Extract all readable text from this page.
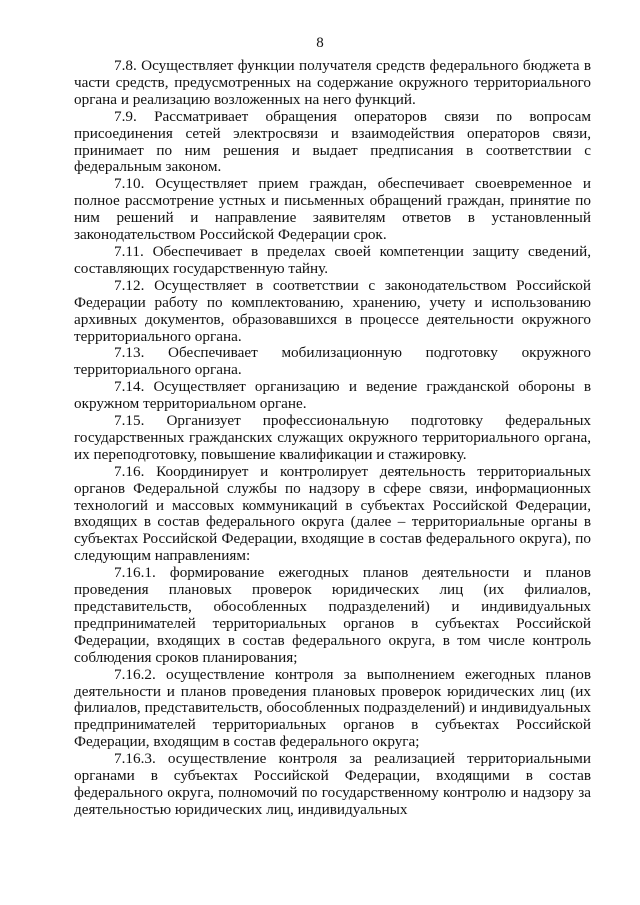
8

7.8. Осуществляет функции получателя средств федерального бюджета в части средств, предусмотренных на содержание окружного территориального органа и реализацию возложенных на него функций.

7.9. Рассматривает обращения операторов связи по вопросам присоединения сетей электросвязи и взаимодействия операторов связи, принимает по ним решения и выдает предписания в соответствии с федеральным законом.

7.10. Осуществляет прием граждан, обеспечивает своевременное и полное рассмотрение устных и письменных обращений граждан, принятие по ним решений и направление заявителям ответов в установленный законодательством Российской Федерации срок.

7.11. Обеспечивает в пределах своей компетенции защиту сведений, составляющих государственную тайну.

7.12. Осуществляет в соответствии с законодательством Российской Федерации работу по комплектованию, хранению, учету и использованию архивных документов, образовавшихся в процессе деятельности окружного территориального органа.

7.13. Обеспечивает мобилизационную подготовку окружного территориального органа.

7.14. Осуществляет организацию и ведение гражданской обороны в окружном территориальном органе.

7.15. Организует профессиональную подготовку федеральных государственных гражданских служащих окружного территориального органа, их переподготовку, повышение квалификации и стажировку.

7.16. Координирует и контролирует деятельность территориальных органов Федеральной службы по надзору в сфере связи, информационных технологий и массовых коммуникаций в субъектах Российской Федерации, входящих в состав федерального округа (далее – территориальные органы в субъектах Российской Федерации, входящие в состав федерального округа), по следующим направлениям:

7.16.1. формирование ежегодных планов деятельности и планов проведения плановых проверок юридических лиц (их филиалов, представительств, обособленных подразделений) и индивидуальных предпринимателей территориальных органов в субъектах Российской Федерации, входящих в состав федерального округа, в том числе контроль соблюдения сроков планирования;

7.16.2. осуществление контроля за выполнением ежегодных планов деятельности и планов проведения плановых проверок юридических лиц (их филиалов, представительств, обособленных подразделений) и индивидуальных предпринимателей территориальных органов в субъектах Российской Федерации, входящим в состав федерального округа;

7.16.3. осуществление контроля за реализацией территориальными органами в субъектах Российской Федерации, входящими в состав федерального округа, полномочий по государственному контролю и надзору за деятельностью юридических лиц, индивидуальных
